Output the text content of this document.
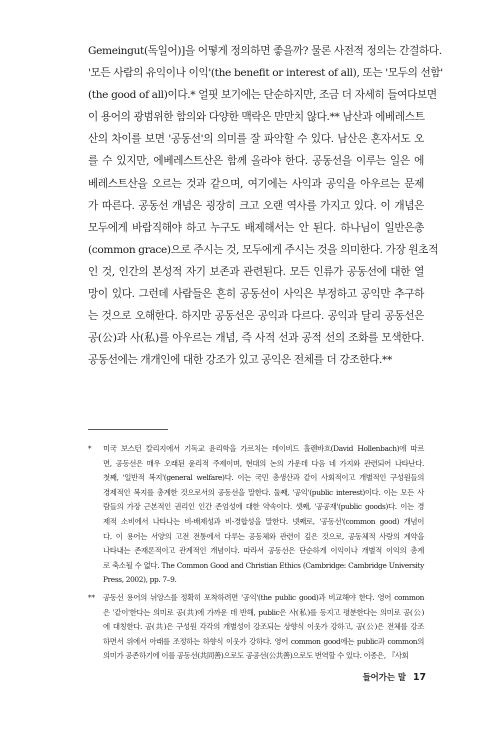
Gemeingut(독일어)]을 어떻게 정의하면 좋을까? 물론 사전적 정의는 간결하다.
'모든 사람의 유익이나 이익'(the benefit or interest of all), 또는 '모두의 선함'
(the good of all)이다.* 얼핏 보기에는 단순하지만, 조금 더 자세히 들여다보면
이 용어의 광범위한 함의와 다양한 맥락은 만만치 않다.** 남산과 에베레스트
산의 차이를 보면 '공동선'의 의미를 잘 파악할 수 있다. 남산은 혼자서도 오
를 수 있지만, 에베레스트산은 함께 올라야 한다. 공동선을 이루는 일은 에
베레스트산을 오르는 것과 같으며, 여기에는 사익과 공익을 아우르는 문제
가 따른다. 공동선 개념은 굉장히 크고 오랜 역사를 가지고 있다. 이 개념은
모두에게 바람직해야 하고 누구도 배제해서는 안 된다. 하나님이 일반은총
(common grace)으로 주시는 것, 모두에게 주시는 것을 의미한다. 가장 원초적
인 것, 인간의 본성적 자기 보존과 관련된다. 모든 인류가 공동선에 대한 열
망이 있다. 그런데 사람들은 흔히 공동선이 사익은 부정하고 공익만 추구하
는 것으로 오해한다. 하지만 공동선은 공익과 다르다. 공익과 달리 공동선은
공(公)과 사(私)를 아우르는 개념, 즉 사적 선과 공적 선의 조화를 모색한다.
공동선에는 개개인에 대한 강조가 있고 공익은 전체를 더 강조한다.**
* 미국 보스턴 칼리지에서 기독교 윤리학을 가르치는 데이비드 홀렌바흐(David Hollenbach)에 따르
면, 공동선은 매우 오래된 윤리적 주제이며, 현대의 논의 가운데 다음 네 가지와 관련되어 나타난다.
첫째, '일반적 복지'(general welfare)다. 이는 국민 총생산과 같이 사회적이고 개별적인 구성원들의
경제적인 복지를 총계한 것으로서의 공동선을 말한다. 둘째, '공익'(public interest)이다. 이는 모든 사
람들의 가장 근본적인 권리인 인간 존엄성에 대한 약속이다. 셋째, '공공재'(public goods)다. 이는 경
제적 소비에서 나타나는 비-배제성과 비-경합성을 말한다. 넷째로, '공동선'(common good) 개념이
다. 이 용어는 서양의 고전 전통에서 다루는 공동체와 관련이 깊은 것으로, 공동체적 사랑의 계약을
나타내는 존재론적이고 관계적인 개념이다. 따라서 공동선은 단순하게 이익이나 개별적 이익의 총계
로 축소될 수 없다. The Common Good and Christian Ethics (Cambridge: Cambridge University
Press, 2002), pp. 7–9.
** 공동선 용어의 뉘앙스를 정확히 포착하려면 '공익'(the public good)과 비교해야 한다. 영어 common
은 '같이'한다는 의미로 공(共)에 가까운 데 반해, public은 사(私)를 등지고 평분한다는 의미로 공(公)
에 대칭한다. 공(共)은 구성원 각각의 개별성이 강조되는 상향식 이웃가 강하고, 공(公)은 전체를 강조
하면서 위에서 아래를 조정하는 하향식 이웃가 강하다. 영어 common good에는 public과 common의
의미가 공존하기에 이를 공동선(共同善)으로도 공공선(公共善)으로도 번역할 수 있다. 이종은, 『사회
들어가는 말 17
